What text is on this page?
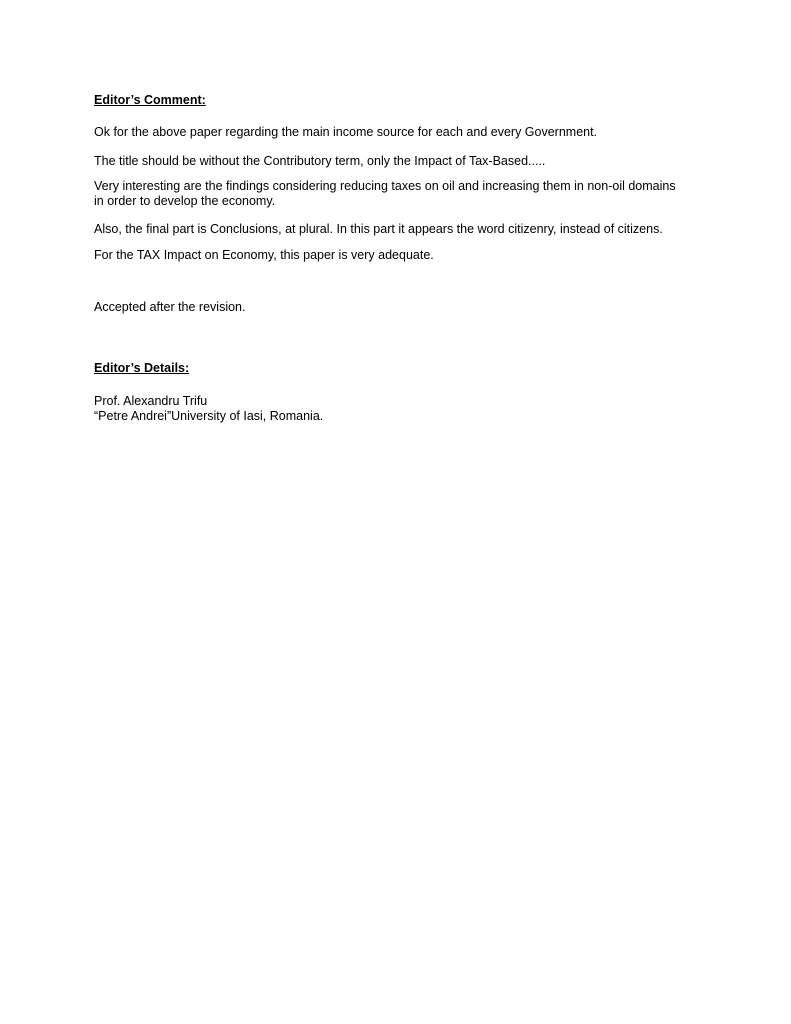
Editor’s Comment:
Ok for the above paper regarding the main income source for each and every Government.
The title should be without the Contributory term, only the Impact of Tax-Based.....
Very interesting are the findings considering reducing taxes on oil and increasing them in non-oil domains
in order to develop the economy.
Also, the final part is Conclusions, at plural. In this part it appears the word citizenry, instead of citizens.
For the TAX Impact on Economy, this paper is very adequate.
Accepted after the revision.
Editor’s Details:
Prof. Alexandru Trifu
“Petre Andrei”University of Iasi, Romania.
